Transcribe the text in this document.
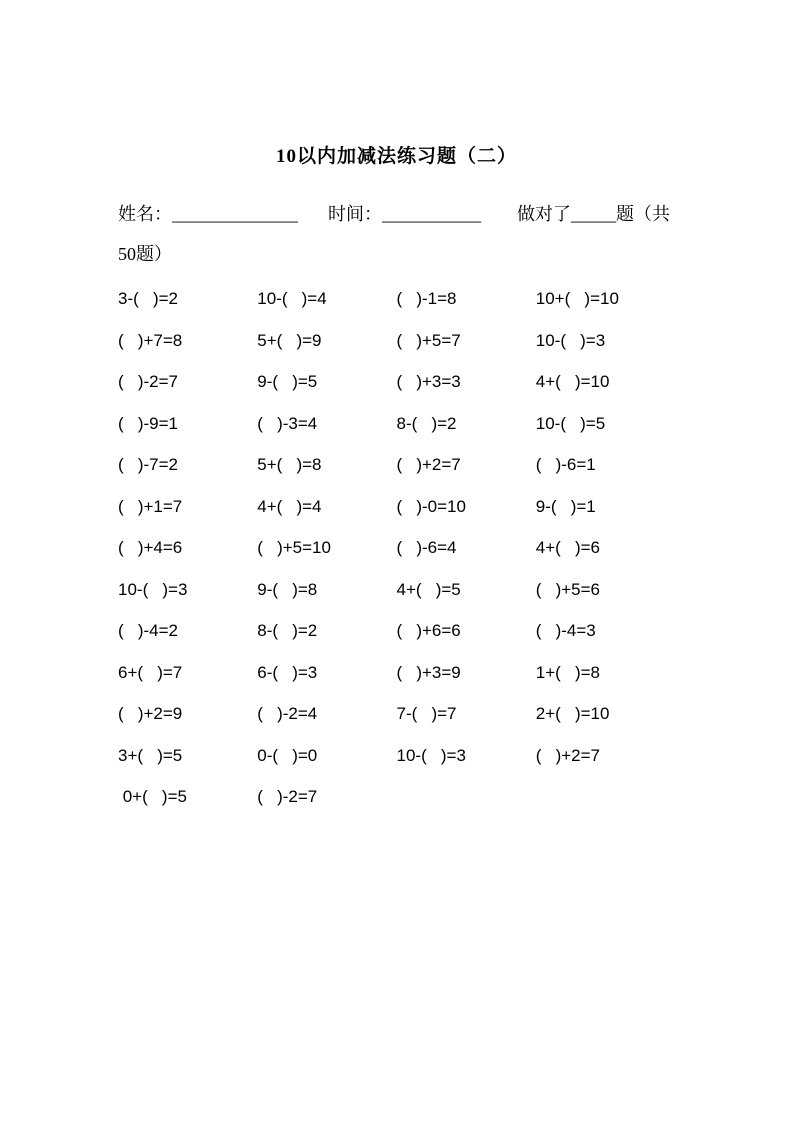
10以内加减法练习题（二）
姓名：______________ 时间：___________ 做对了_____题（共
50题）
3-(   )=2	10-(   )=4	(   )-1=8	10+(   )=10
(   )+7=8	5+(   )=9	(   )+5=7	10-(   )=3
(   )-2=7	9-(   )=5	(   )+3=3	4+(   )=10
(   )-9=1	(   )-3=4	8-(   )=2	10-(   )=5
(   )-7=2	5+(   )=8	(   )+2=7	(   )-6=1
(   )+1=7	4+(   )=4	(   )-0=10	9-(   )=1
(   )+4=6	(   )+5=10	(   )-6=4	4+(   )=6
10-(   )=3	9-(   )=8	4+(   )=5	(   )+5=6
(   )-4=2	8-(   )=2	(   )+6=6	(   )-4=3
6+(   )=7	6-(   )=3	(   )+3=9	1+(   )=8
(   )+2=9	(   )-2=4	7-(   )=7	2+(   )=10
3+(   )=5	0-(   )=0	10-(   )=3	(   )+2=7
0+(   )=5	(   )-2=7
